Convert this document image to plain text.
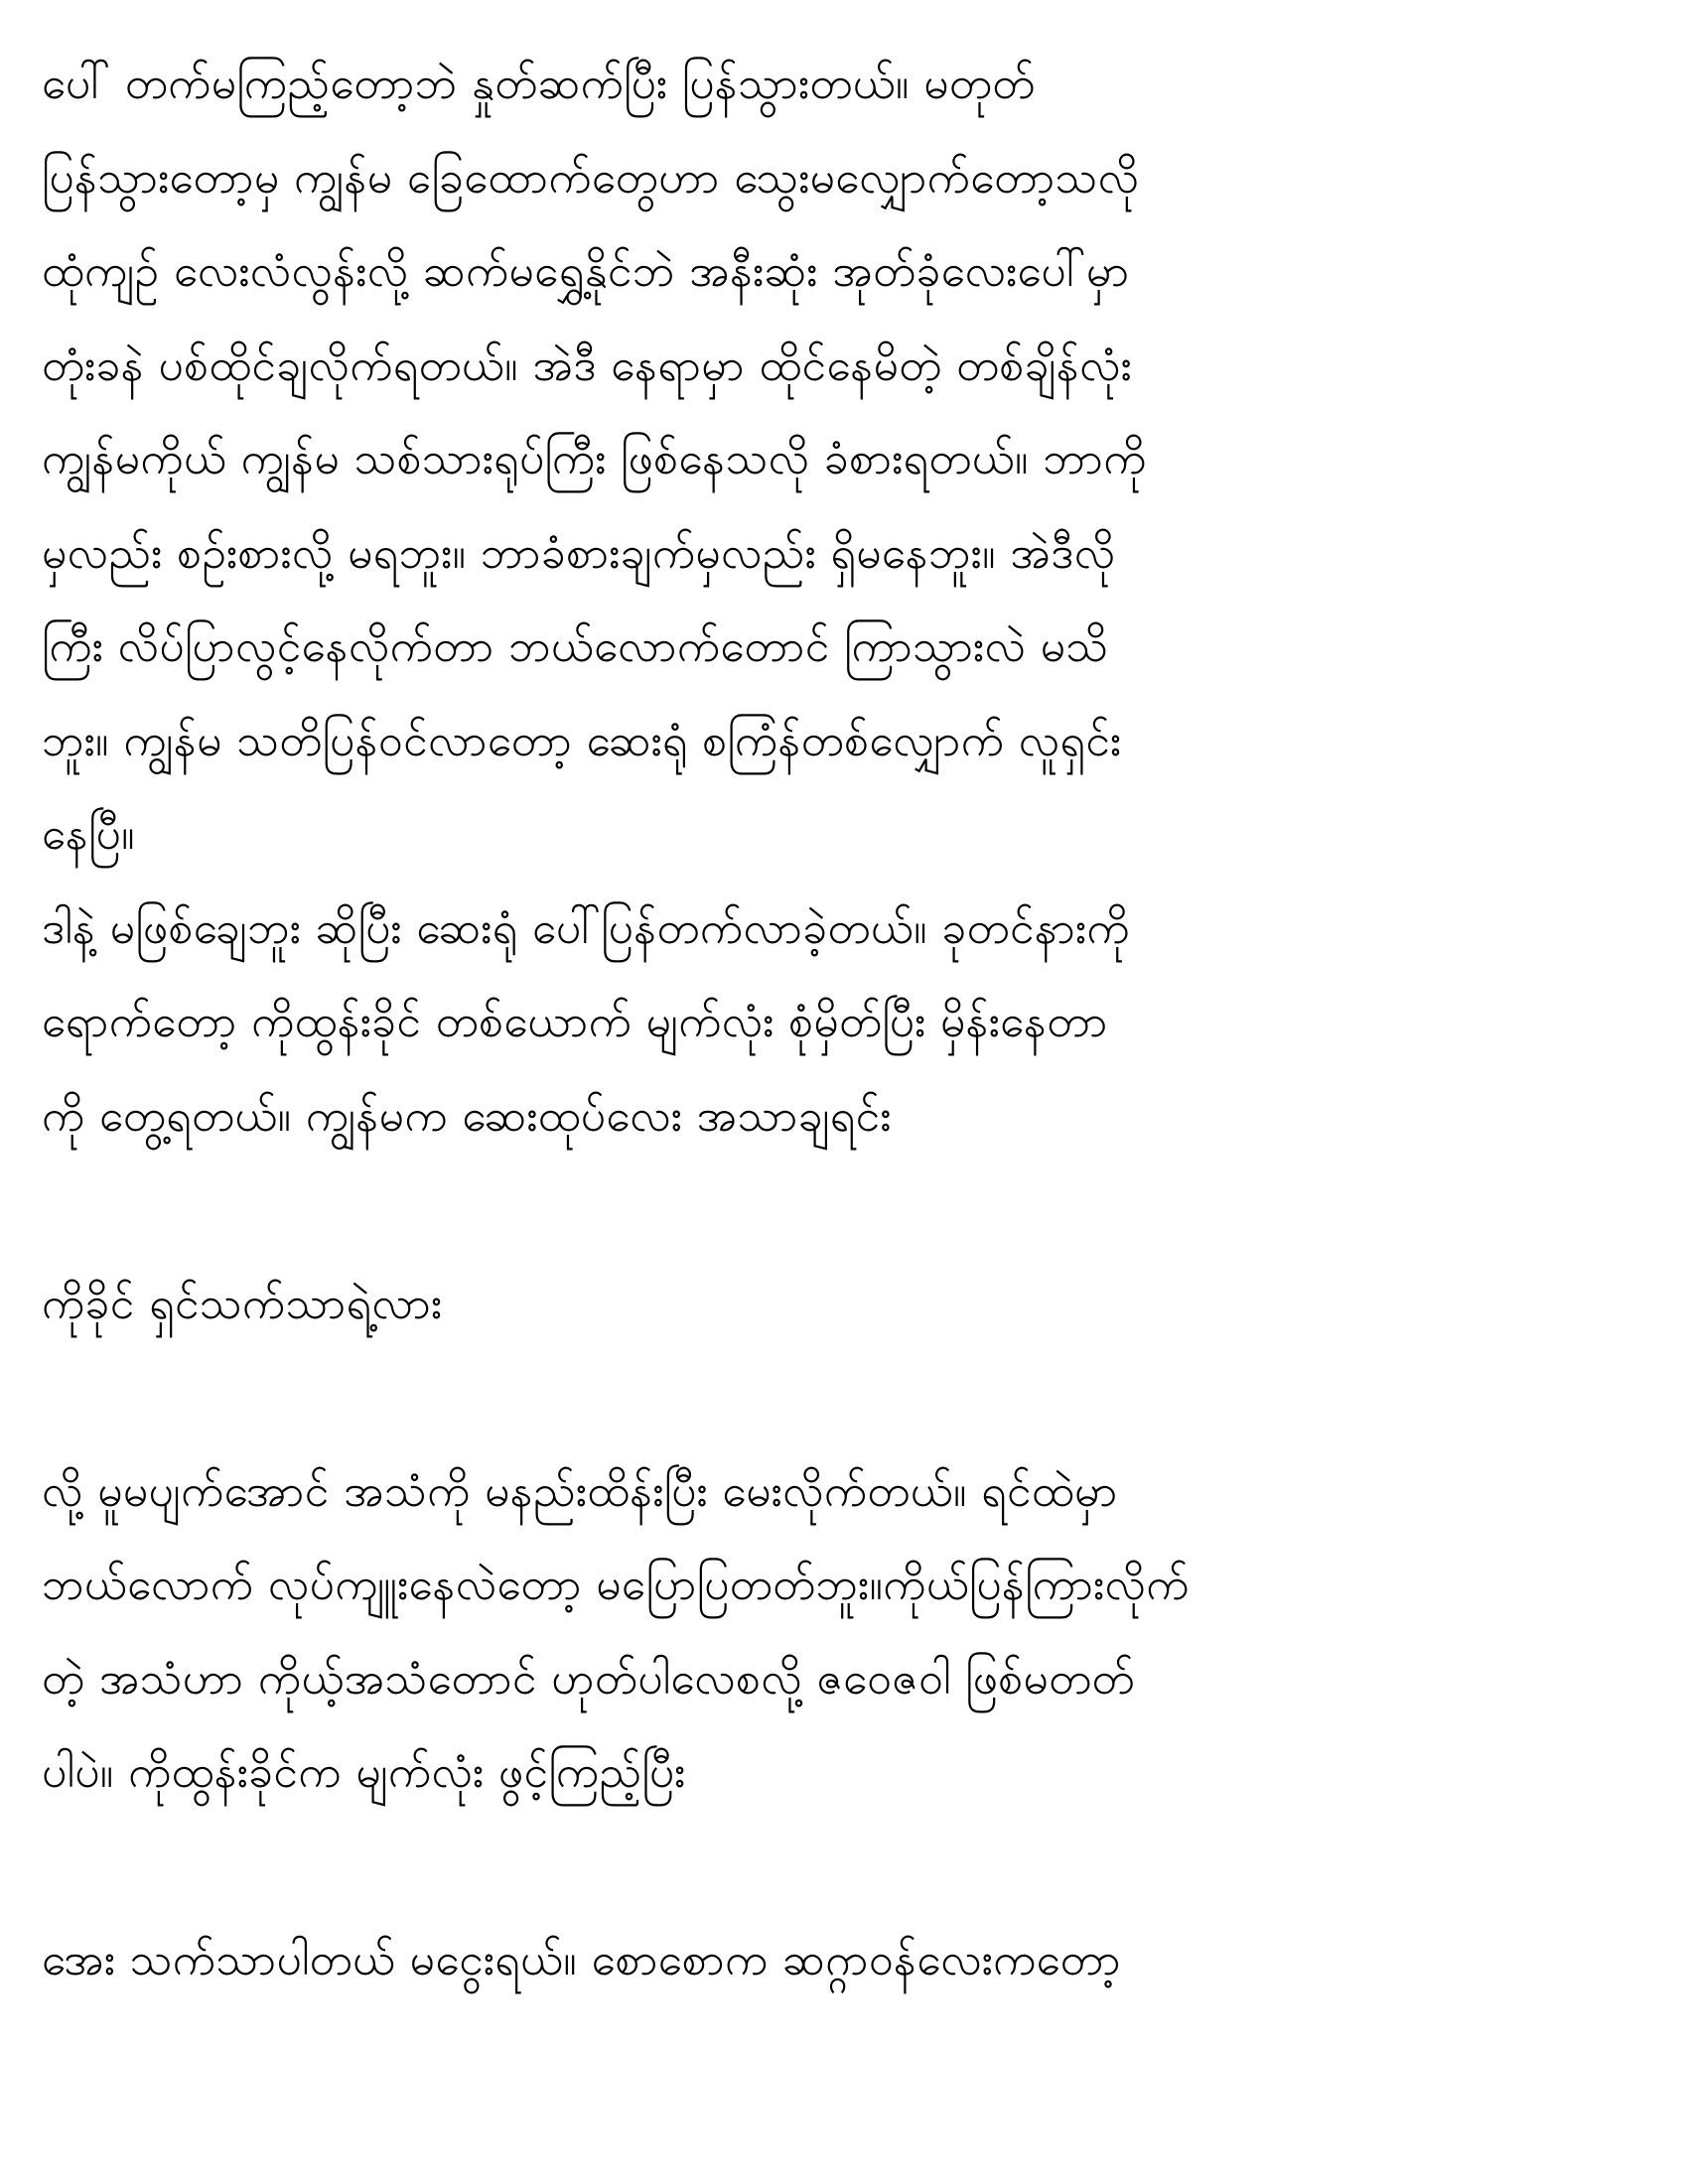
ပေါ် တက်မကြည့်တော့ဘဲ နှုတ်ဆက်ပြီး ပြန်သွားတယ်။ မတုတ်
ပြန်သွားတော့မှ ကျွန်မ ခြေထောက်တွေဟာ သွေးမလျှောက်တော့သလို
ထုံကျဉ် လေးလံလွန်းလို့ ဆက်မရွှေ့နိုင်ဘဲ အနီးဆုံး အုတ်ခုံလေးပေါ်မှာ
တုံးခနဲ ပစ်ထိုင်ချလိုက်ရတယ်။ အဲဒီ နေရာမှာ ထိုင်နေမိတဲ့ တစ်ချိန်လုံး
ကျွန်မကိုယ် ကျွန်မ သစ်သားရုပ်ကြီး ဖြစ်နေသလို ခံစားရတယ်။ ဘာကို
မှလည်း စဉ်းစားလို့ မရဘူး။ ဘာခံစားချက်မှလည်း ရှိမနေဘူး။ အဲဒီလို
ကြီး လိပ်ပြာလွင့်နေလိုက်တာ ဘယ်လောက်တောင် ကြာသွားလဲ မသိ
ဘူး။ ကျွန်မ သတိပြန်ဝင်လာတော့ ဆေးရုံ စကြံန်တစ်လျှောက် လူရှင်း
နေပြီ။
ဒါနဲ့ မဖြစ်ချေဘူး ဆိုပြီး ဆေးရုံ ပေါ်ပြန်တက်လာခဲ့တယ်။ ခုတင်နားကို
ရောက်တော့ ကိုထွန်းခိုင် တစ်ယောက် မျက်လုံး စုံမှိတ်ပြီး မှိန်းနေတာ
ကို တွေ့ရတယ်။ ကျွန်မက ဆေးထုပ်လေး အသာချရင်း
ကိုခိုင် ရှင်သက်သာရဲ့လား
လို့ မူမပျက်အောင် အသံကို မနည်းထိန်းပြီး မေးလိုက်တယ်။ ရင်ထဲမှာ
ဘယ်လောက် လုပ်ကျူးနေလဲတော့ မပြောပြတတ်ဘူး။ကိုယ်ပြန်ကြားလိုက်
တဲ့ အသံဟာ ကိုယ့်အသံတောင် ဟုတ်ပါလေစလို့ ဇဝေဇဝါ ဖြစ်မတတ်
ပါပဲ။ ကိုထွန်းခိုင်က မျက်လုံး ဖွင့်ကြည့်ပြီး
အေး သက်သာပါတယ် မငွေးရယ်။ စောစောက ဆဂ္ဂာဝန်လေးကတော့
